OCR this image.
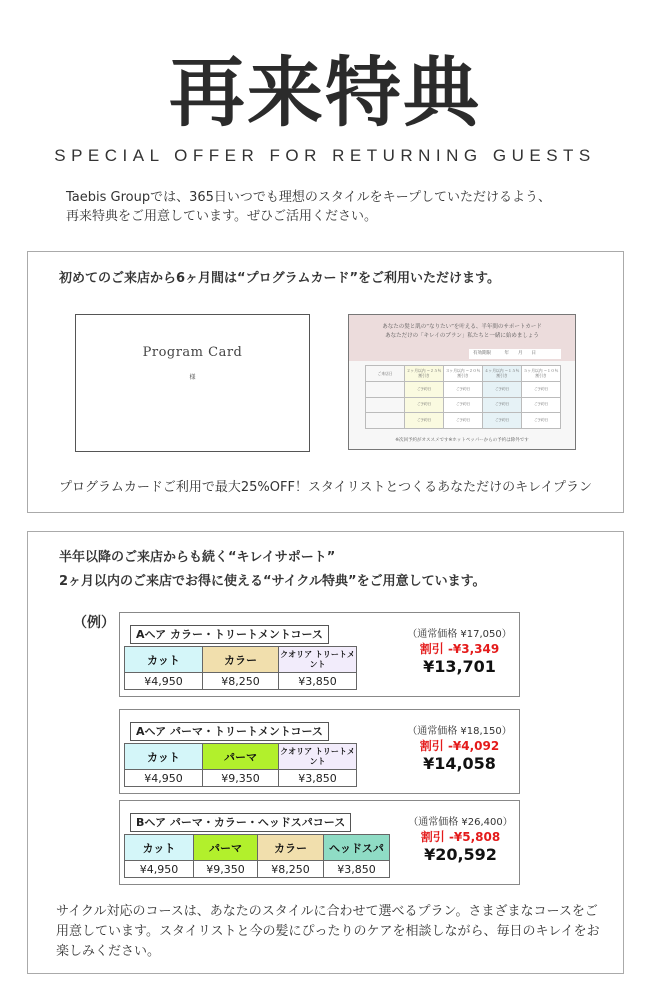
再来特典
SPECIAL OFFER FOR RETURNING GUESTS
Taebis Groupでは、365日いつでも理想のスタイルをキープしていただけるよう、
再来特典をご用意しています。ぜひご活用ください。
初めてのご来店から6ヶ月間は“プログラムカード”をご利用いただけます。
Program Card
様
あなたの髪と肌の“なりたい”を叶える、半年間のサポートカード
あなただけの「キレイのプラン」私たちと一緒に始めましょう
有効期限　　　年　　月　　日
ご来店日	２ヶ月以内 −２５％割引き	３ヶ月以内 −２０％割引き	４ヶ月以内 −１５％割引き	５ヶ月以内 −１０％割引き
	ご予約日	ご予約日	ご予約日	ご予約日
	ご予約日	ご予約日	ご予約日	ご予約日
	ご予約日	ご予約日	ご予約日	ご予約日
※次回予約がオススメです※ホットペッパーからの予約は除外です
プログラムカードご利用で最大25%OFF！スタイリストとつくるあなただけのキレイプラン
半年以降のご来店からも続く“キレイサポート”
2ヶ月以内のご来店でお得に使える“サイクル特典”をご用意しています。
（例）
Aヘア カラー・トリートメントコース
カット	カラー	クオリア トリートメント
¥4,950	¥8,250	¥3,850
（通常価格 ¥17,050）
割引 -¥3,349
¥13,701
Aヘア パーマ・トリートメントコース
カット	パーマ	クオリア トリートメント
¥4,950	¥9,350	¥3,850
（通常価格 ¥18,150）
割引 -¥4,092
¥14,058
Bヘア パーマ・カラー・ヘッドスパコース
カット	パーマ	カラー	ヘッドスパ
¥4,950	¥9,350	¥8,250	¥3,850
（通常価格 ¥26,400）
割引 -¥5,808
¥20,592
サイクル対応のコースは、あなたのスタイルに合わせて選べるプラン。さまざまなコースをご用意しています。スタイリストと今の髪にぴったりのケアを相談しながら、毎日のキレイをお楽しみください。
